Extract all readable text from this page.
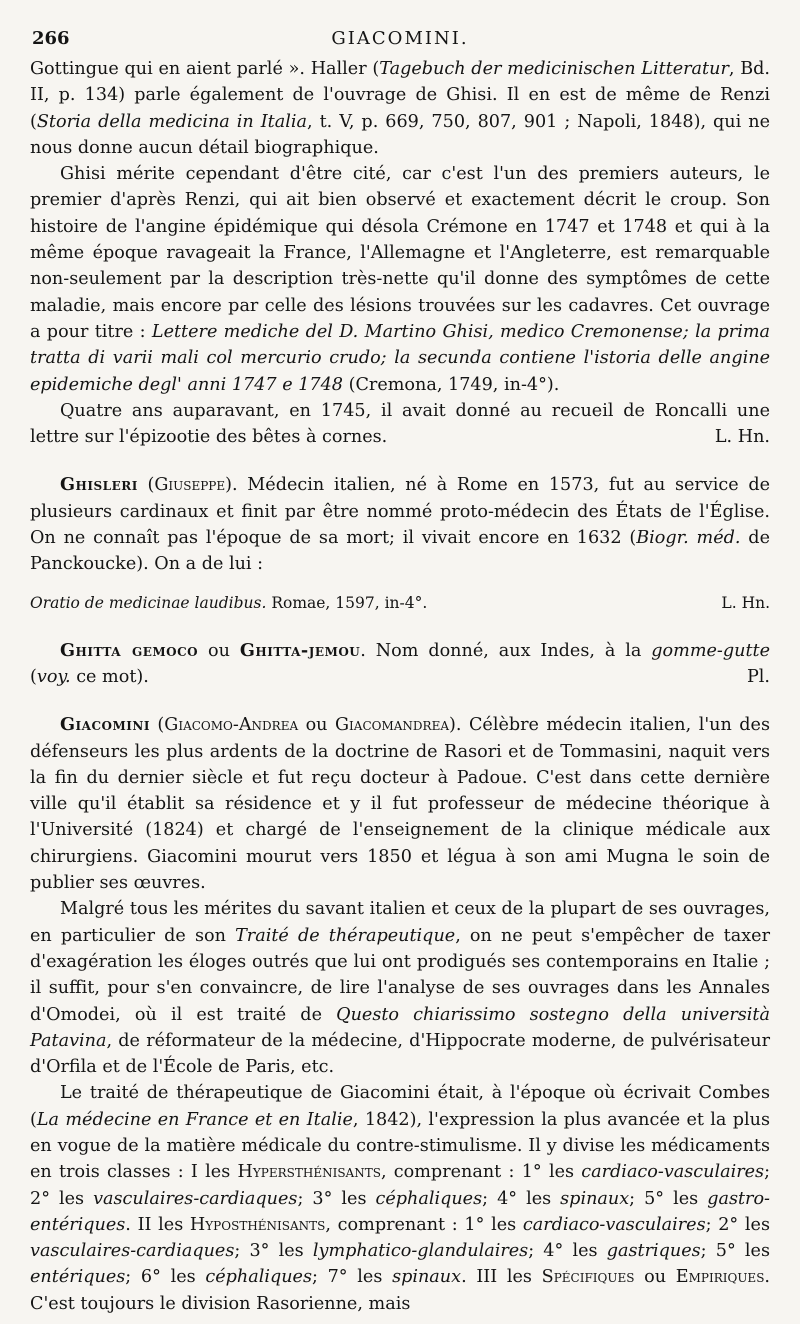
266	GIACOMINI.

Gottingue qui en aient parlé ». Haller (Tagebuch der medicinischen Litteratur, Bd. II, p. 134) parle également de l'ouvrage de Ghisi. Il en est de même de Renzi (Storia della medicina in Italia, t. V, p. 669, 750, 807, 901 ; Napoli, 1848), qui ne nous donne aucun détail biographique.

Ghisi mérite cependant d'être cité, car c'est l'un des premiers auteurs, le premier d'après Renzi, qui ait bien observé et exactement décrit le croup. Son histoire de l'angine épidémique qui désola Crémone en 1747 et 1748 et qui à la même époque ravageait la France, l'Allemagne et l'Angleterre, est remarquable non-seulement par la description très-nette qu'il donne des symptômes de cette maladie, mais encore par celle des lésions trouvées sur les cadavres. Cet ouvrage a pour titre : Lettere mediche del D. Martino Ghisi, medico Cremonense; la prima tratta di varii mali col mercurio crudo; la secunda contiene l'istoria delle angine epidemiche degl' anni 1747 e 1748 (Cremona, 1749, in-4°).

Quatre ans auparavant, en 1745, il avait donné au recueil de Roncalli une lettre sur l'épizootie des bêtes à cornes.	L. Hn.

Ghisleri (Giuseppe). Médecin italien, né à Rome en 1573, fut au service de plusieurs cardinaux et finit par être nommé proto-médecin des États de l'Église. On ne connaît pas l'époque de sa mort; il vivait encore en 1632 (Biogr. méd. de Panckoucke). On a de lui :

Oratio de medicinae laudibus. Romae, 1597, in-4°.	L. Hn.

Ghitta gemoco ou Ghitta-jemou. Nom donné, aux Indes, à la gomme-gutte (voy. ce mot).	Pl.

Giacomini (Giacomo-Andrea ou Giacomandrea). Célèbre médecin italien, l'un des défenseurs les plus ardents de la doctrine de Rasori et de Tommasini, naquit vers la fin du dernier siècle et fut reçu docteur à Padoue. C'est dans cette dernière ville qu'il établit sa résidence et y il fut professeur de médecine théorique à l'Université (1824) et chargé de l'enseignement de la clinique médicale aux chirurgiens. Giacomini mourut vers 1850 et légua à son ami Mugna le soin de publier ses œuvres.

Malgré tous les mérites du savant italien et ceux de la plupart de ses ouvrages, en particulier de son Traité de thérapeutique, on ne peut s'empêcher de taxer d'exagération les éloges outrés que lui ont prodigués ses contemporains en Italie ; il suffit, pour s'en convaincre, de lire l'analyse de ses ouvrages dans les Annales d'Omodei, où il est traité de Questo chiarissimo sostegno della università Patavina, de réformateur de la médecine, d'Hippocrate moderne, de pulvérisateur d'Orfila et de l'École de Paris, etc.

Le traité de thérapeutique de Giacomini était, à l'époque où écrivait Combes (La médecine en France et en Italie, 1842), l'expression la plus avancée et la plus en vogue de la matière médicale du contre-stimulisme. Il y divise les médicaments en trois classes : I les Hypersthénisants, comprenant : 1° les cardiaco-vasculaires; 2° les vasculaires-cardiaques; 3° les céphaliques; 4° les spinaux; 5° les gastro-entériques. II les Hyposthénisants, comprenant : 1° les cardiaco-vasculaires; 2° les vasculaires-cardiaques; 3° les lymphatico-glandulaires; 4° les gastriques; 5° les entériques; 6° les céphaliques; 7° les spinaux. III les Spécifiques ou Empiriques. C'est toujours le division Rasorienne, mais
